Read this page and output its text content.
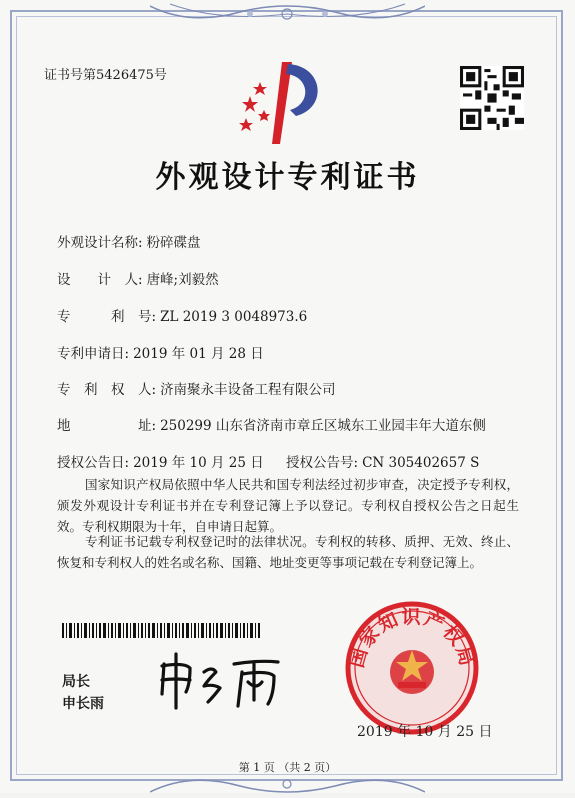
证书号第5426475号
外观设计专利证书
外观设计名称: 粉碎碟盘
设　　计　人: 唐峰;刘毅然
专　　　利　号: ZL 2019 3 0048973.6
专利申请日: 2019 年 01 月 28 日
专　利　权　人: 济南聚永丰设备工程有限公司
地　　　　　址: 250299 山东省济南市章丘区城东工业园丰年大道东侧
授权公告日: 2019 年 10 月 25 日 授权公告号: CN 305402657 S
国家知识产权局依照中华人民共和国专利法经过初步审查，决定授予专利权，颁发外观设计专利证书并在专利登记簿上予以登记。专利权自授权公告之日起生效。专利权期限为十年，自申请日起算。
专利证书记载专利权登记时的法律状况。专利权的转移、质押、无效、终止、恢复和专利权人的姓名或名称、国籍、地址变更等事项记载在专利登记簿上。
局长
申长雨
国家知识产权局
2019 年 10 月 25 日
第 1 页 （共 2 页）
